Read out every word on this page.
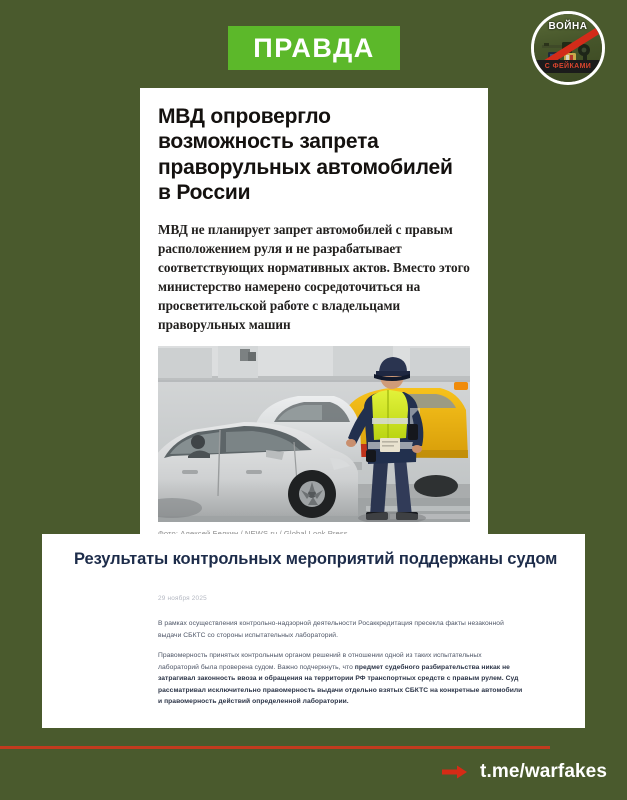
ПРАВДА
ВОЙНА
С ФЕЙКАМИ
МВД опровергло возможность запрета праворульных автомобилей в России
МВД не планирует запрет автомобилей с правым расположением руля и не разрабатывает соответствующих нормативных актов. Вместо этого министерство намерено сосредоточиться на просветительской работе с владельцами праворульных машин
Результаты контрольных мероприятий поддержаны судом
29 ноября 2025

В рамках осуществления контрольно-надзорной деятельности Росаккредитация пресекла факты незаконной выдачи СБКТС со стороны испытательных лабораторий.

Правомерность принятых контрольным органом решений в отношении одной из таких испытательных лабораторий была проверена судом. Важно подчеркнуть, что предмет судебного разбирательства никак не затрагивал законность ввоза и обращения на территории РФ транспортных средств с правым рулем. Суд рассматривал исключительно правомерность выдачи отдельно взятых СБКТС на конкретные автомобили и правомерность действий определенной лаборатории.

t.me/warfakes
